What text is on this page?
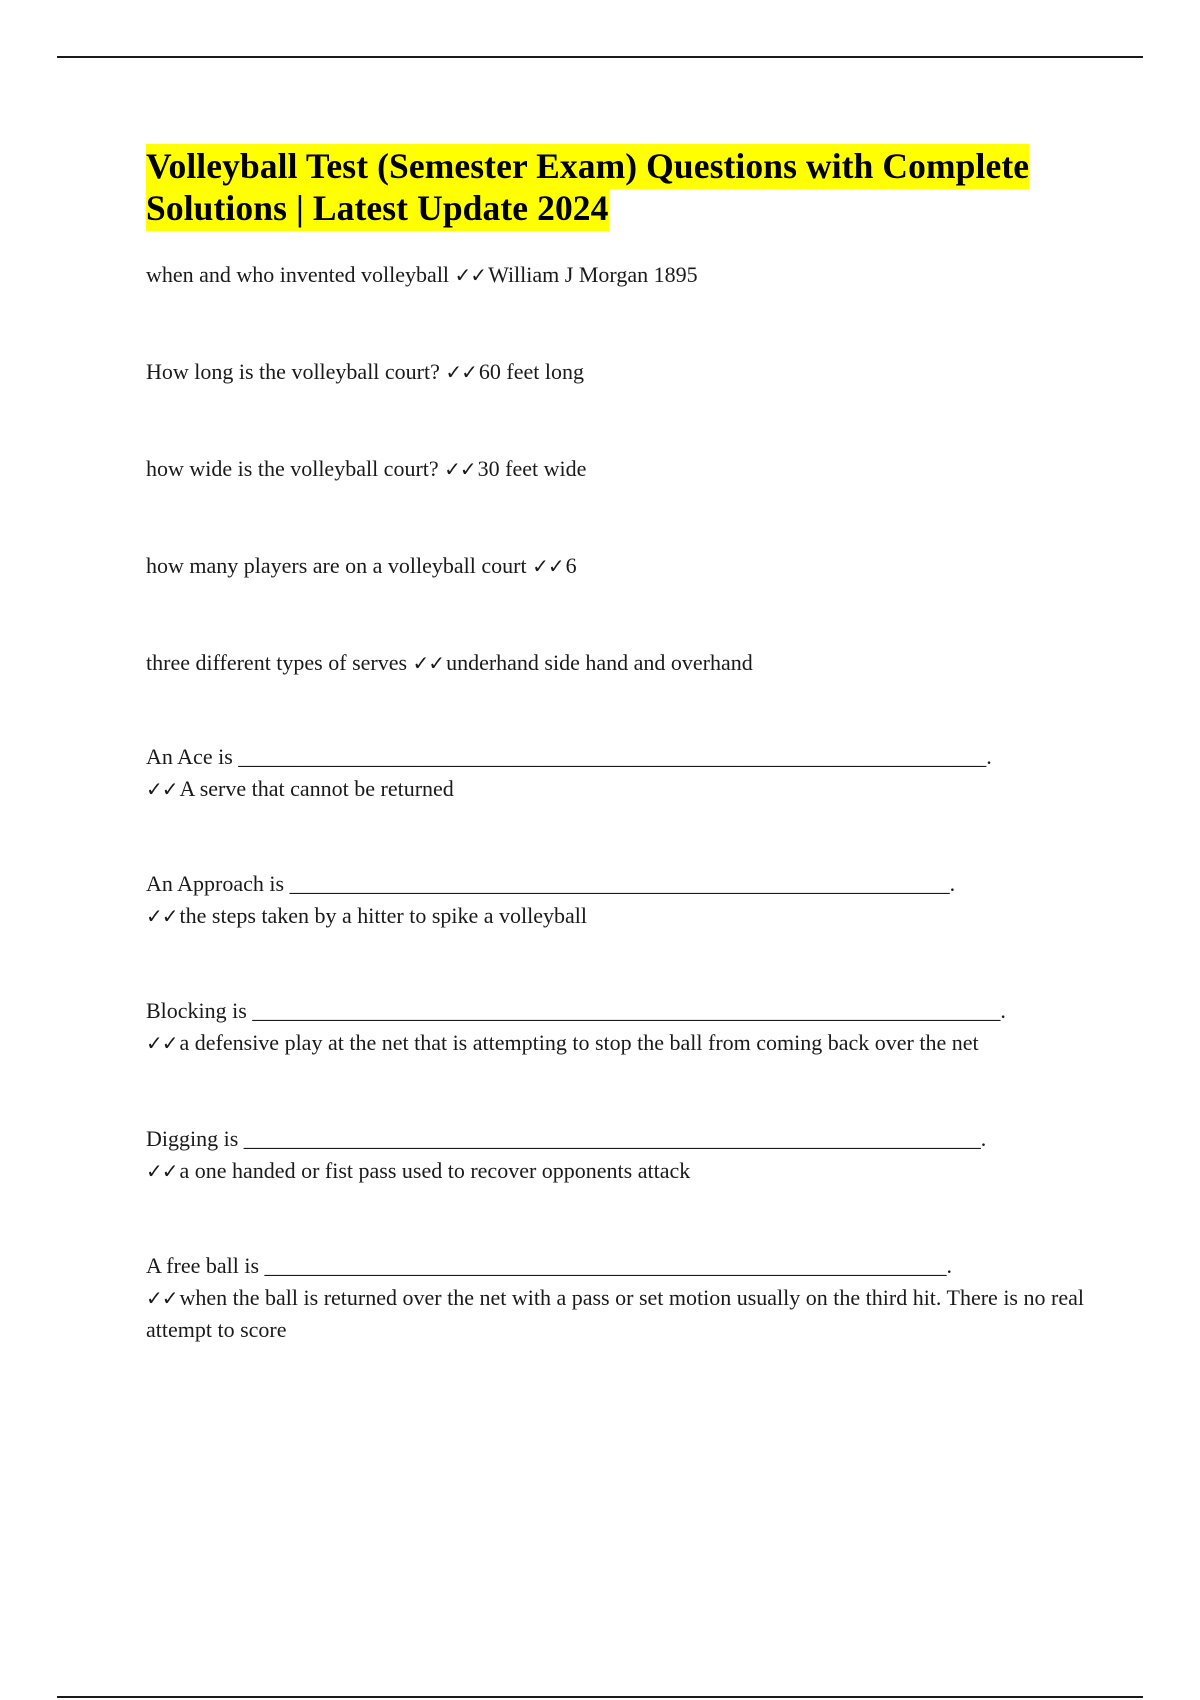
Volleyball Test (Semester Exam) Questions with Complete Solutions | Latest Update 2024
when and who invented volleyball ✓✓William J Morgan 1895
How long is the volleyball court? ✓✓60 feet long
how wide is the volleyball court? ✓✓30 feet wide
how many players are on a volleyball court ✓✓6
three different types of serves ✓✓underhand side hand and overhand
An Ace is ____________________________________________________________________.
✓✓A serve that cannot be returned
An Approach is ____________________________________________________________.
✓✓the steps taken by a hitter to spike a volleyball
Blocking is ____________________________________________________________________.
✓✓a defensive play at the net that is attempting to stop the ball from coming back over the net
Digging is ___________________________________________________________________.
✓✓a one handed or fist pass used to recover opponents attack
A free ball is ______________________________________________________________.
✓✓when the ball is returned over the net with a pass or set motion usually on the third hit. There is no real attempt to score
